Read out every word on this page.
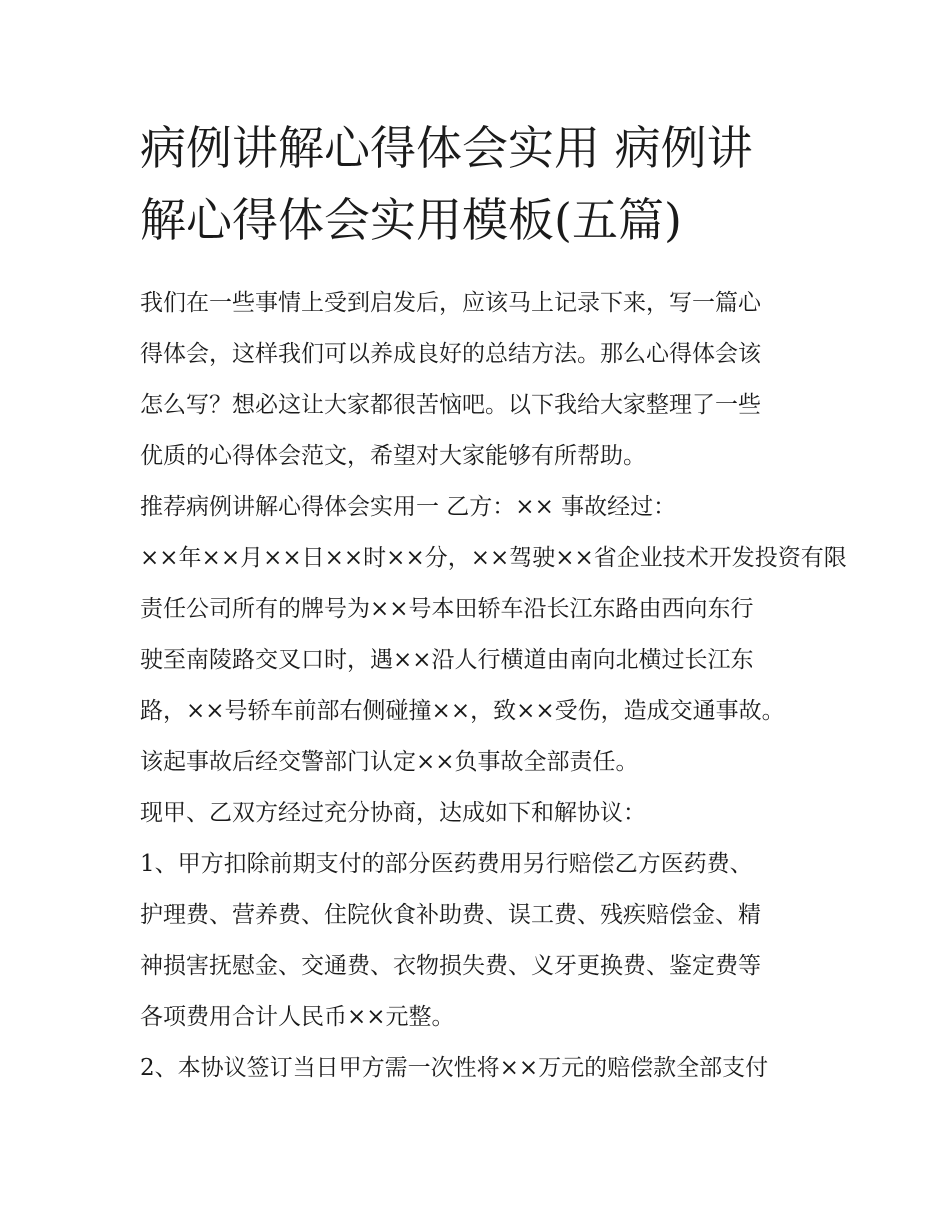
病例讲解心得体会实用 病例讲
解心得体会实用模板(五篇)
我们在一些事情上受到启发后，应该马上记录下来，写一篇心
得体会，这样我们可以养成良好的总结方法。那么心得体会该
怎么写？想必这让大家都很苦恼吧。以下我给大家整理了一些
优质的心得体会范文，希望对大家能够有所帮助。
推荐病例讲解心得体会实用一 乙方：×× 事故经过：
××年××月××日××时××分，××驾驶××省企业技术开发投资有限
责任公司所有的牌号为××号本田轿车沿长江东路由西向东行
驶至南陵路交叉口时，遇××沿人行横道由南向北横过长江东
路，××号轿车前部右侧碰撞××，致××受伤，造成交通事故。
该起事故后经交警部门认定××负事故全部责任。
现甲、乙双方经过充分协商，达成如下和解协议：
1、甲方扣除前期支付的部分医药费用另行赔偿乙方医药费、
护理费、营养费、住院伙食补助费、误工费、残疾赔偿金、精
神损害抚慰金、交通费、衣物损失费、义牙更换费、鉴定费等
各项费用合计人民币××元整。
2、本协议签订当日甲方需一次性将××万元的赔偿款全部支付
